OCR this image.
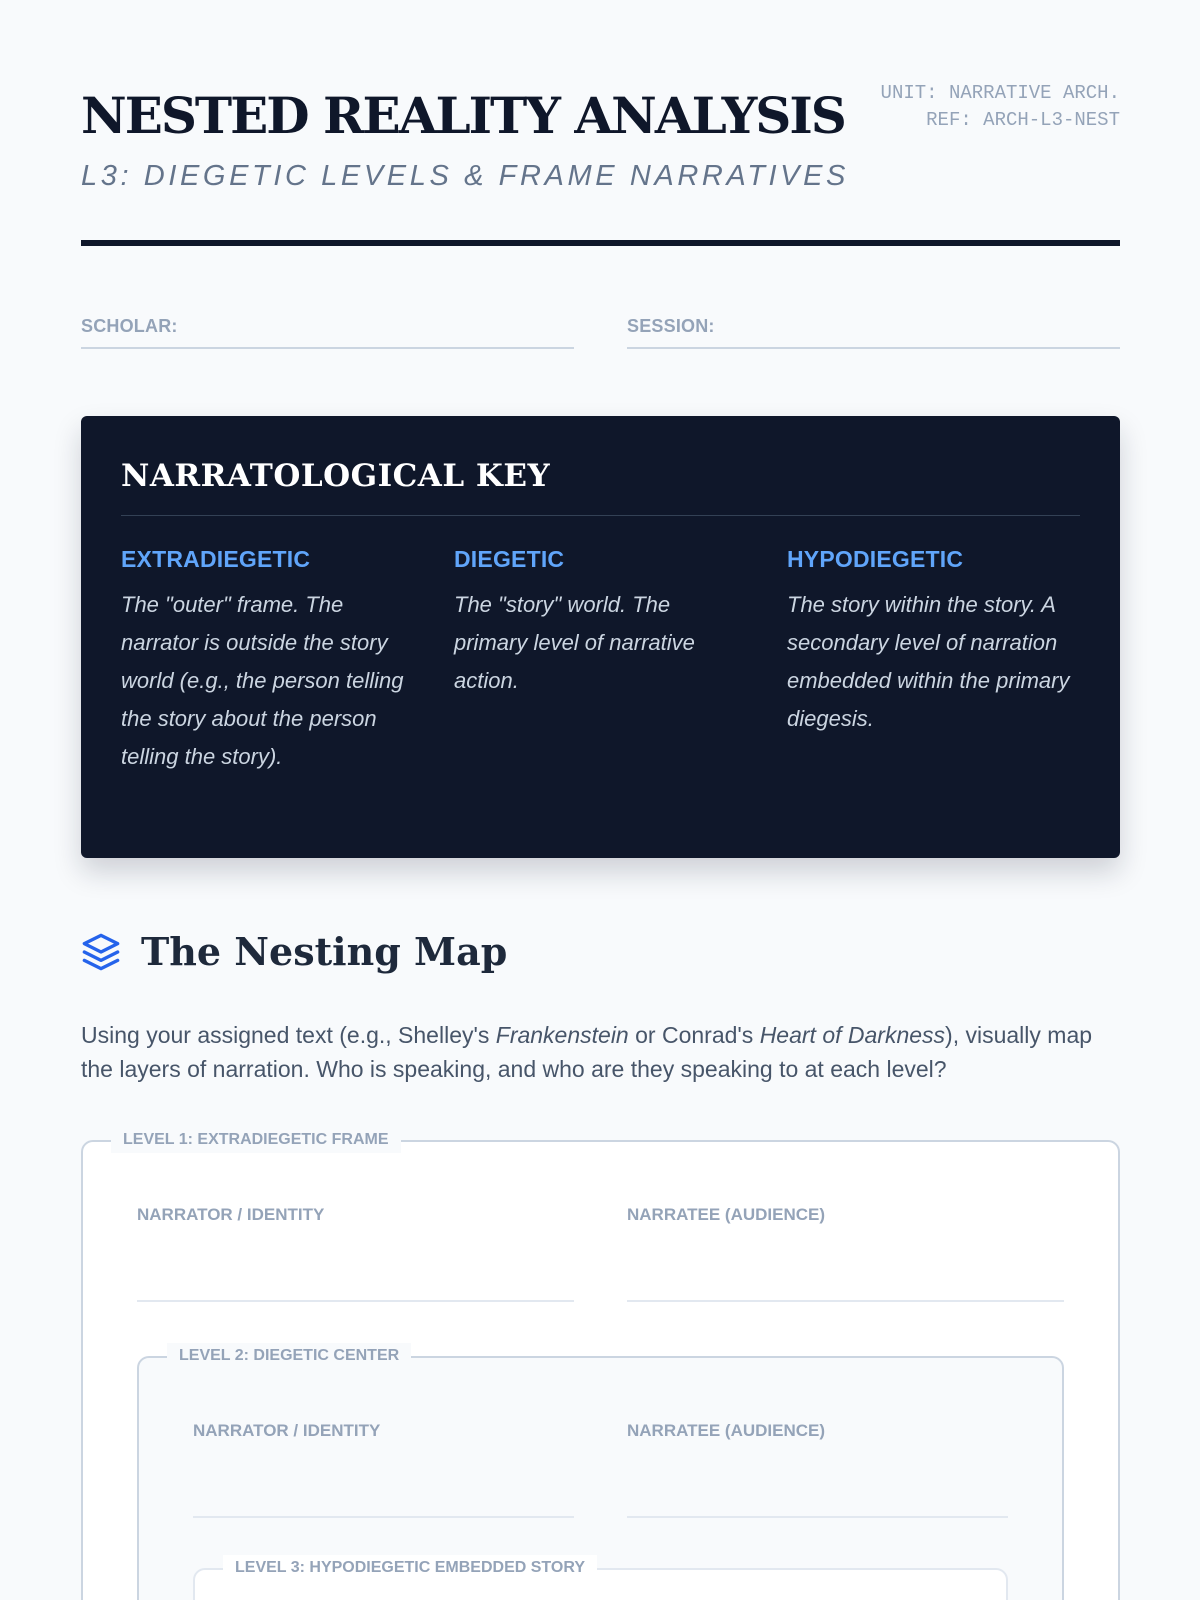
NESTED REALITY ANALYSIS
L3: DIEGETIC LEVELS & FRAME NARRATIVES
UNIT: NARRATIVE ARCH.
REF: ARCH-L3-NEST
SCHOLAR:	SESSION:
NARRATOLOGICAL KEY
EXTRADIEGETIC
The "outer" frame. The narrator is outside the story world (e.g., the person telling the story about the person telling the story).
DIEGETIC
The "story" world. The primary level of narrative action.
HYPODIEGETIC
The story within the story. A secondary level of narration embedded within the primary diegesis.
The Nesting Map
Using your assigned text (e.g., Shelley's Frankenstein or Conrad's Heart of Darkness), visually map the layers of narration. Who is speaking, and who are they speaking to at each level?
LEVEL 1: EXTRADIEGETIC FRAME
NARRATOR / IDENTITY	NARRATEE (AUDIENCE)
LEVEL 2: DIEGETIC CENTER
NARRATOR / IDENTITY	NARRATEE (AUDIENCE)
LEVEL 3: HYPODIEGETIC EMBEDDED STORY
